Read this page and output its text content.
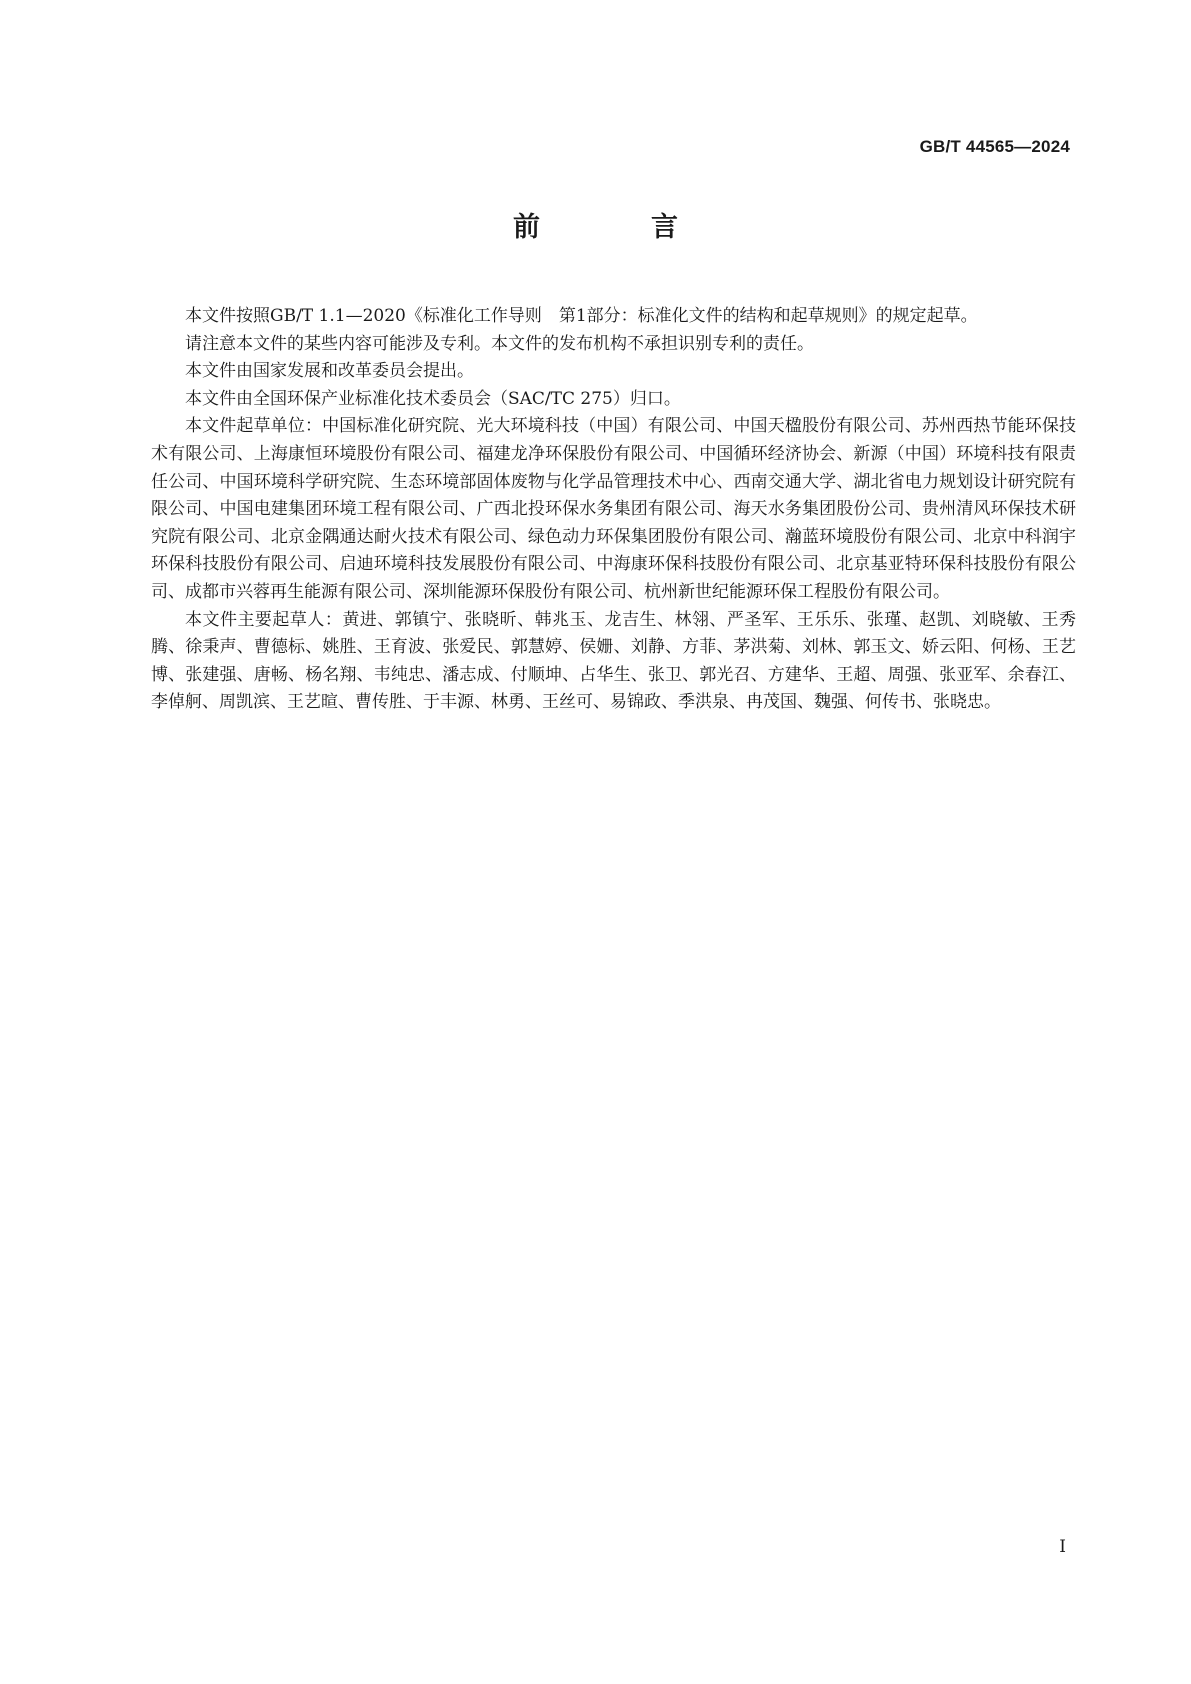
GB/T 44565—2024
前　言

本文件按照GB/T 1.1—2020《标准化工作导则　第1部分：标准化文件的结构和起草规则》的规定起草。

请注意本文件的某些内容可能涉及专利。本文件的发布机构不承担识别专利的责任。

本文件由国家发展和改革委员会提出。

本文件由全国环保产业标准化技术委员会（SAC/TC 275）归口。

本文件起草单位：中国标准化研究院、光大环境科技（中国）有限公司、中国天楹股份有限公司、苏州西热节能环保技术有限公司、上海康恒环境股份有限公司、福建龙净环保股份有限公司、中国循环经济协会、新源（中国）环境科技有限责任公司、中国环境科学研究院、生态环境部固体废物与化学品管理技术中心、西南交通大学、湖北省电力规划设计研究院有限公司、中国电建集团环境工程有限公司、广西北投环保水务集团有限公司、海天水务集团股份公司、贵州清风环保技术研究院有限公司、北京金隅通达耐火技术有限公司、绿色动力环保集团股份有限公司、瀚蓝环境股份有限公司、北京中科润宇环保科技股份有限公司、启迪环境科技发展股份有限公司、中海康环保科技股份有限公司、北京基亚特环保科技股份有限公司、成都市兴蓉再生能源有限公司、深圳能源环保股份有限公司、杭州新世纪能源环保工程股份有限公司。

本文件主要起草人：黄进、郭镇宁、张晓昕、韩兆玉、龙吉生、林翎、严圣军、王乐乐、张瑾、赵凯、刘晓敏、王秀腾、徐秉声、曹德标、姚胜、王育波、张爱民、郭慧婷、侯姗、刘静、方菲、茅洪菊、刘林、郭玉文、娇云阳、何杨、王艺博、张建强、唐畅、杨名翔、韦纯忠、潘志成、付顺坤、占华生、张卫、郭光召、方建华、王超、周强、张亚军、余春江、李倬舸、周凯滨、王艺暄、曹传胜、于丰源、林勇、王丝可、易锦政、季洪泉、冉茂国、魏强、何传书、张晓忠。

I
